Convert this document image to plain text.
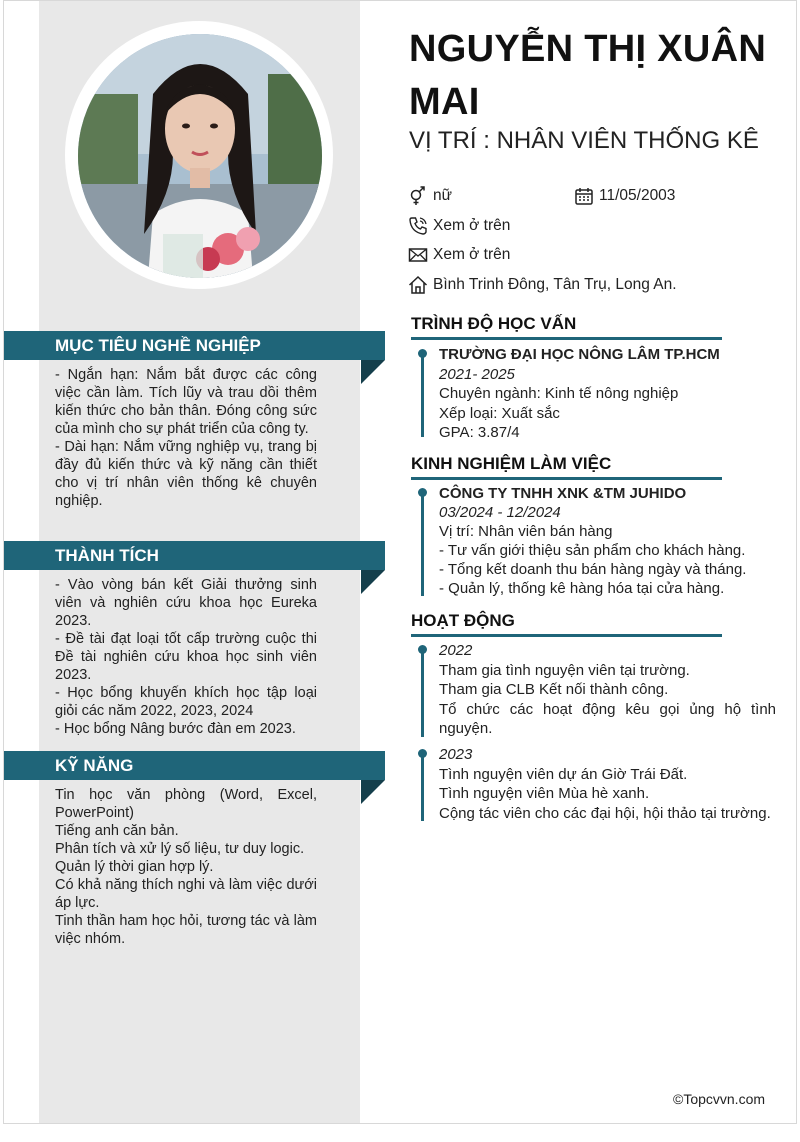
MỤC TIÊU NGHỀ NGHIỆP

- Ngắn hạn: Nắm bắt được các công việc cần làm. Tích lũy và trau dồi thêm kiến thức cho bản thân. Đóng công sức của mình cho sự phát triển của công ty.

- Dài hạn: Nắm vững nghiệp vụ, trang bị đầy đủ kiến thức và kỹ năng cần thiết cho vị trí nhân viên thống kê chuyên nghiệp.

THÀNH TÍCH

- Vào vòng bán kết Giải thưởng sinh viên và nghiên cứu khoa học Eureka 2023.

- Đề tài đạt loại tốt cấp trường cuộc thi Đề tài nghiên cứu khoa học sinh viên 2023.

- Học bổng khuyến khích học tập loại giỏi các năm 2022, 2023, 2024

- Học bổng Nâng bước đàn em 2023.

KỸ NĂNG

Tin học văn phòng (Word, Excel, PowerPoint)

Tiếng anh căn bản.

Phân tích và xử lý số liệu, tư duy logic.

Quản lý thời gian hợp lý.

Có khả năng thích nghi và làm việc dưới áp lực.

Tinh thần ham học hỏi, tương tác và làm việc nhóm.

NGUYỄN THỊ XUÂN MAI
VỊ TRÍ : NHÂN VIÊN THỐNG KÊ
nữ	11/05/2003
Xem ở trên
Xem ở trên
Bình Trinh Đông, Tân Trụ, Long An.
TRÌNH ĐỘ HỌC VẤN

TRƯỜNG ĐẠI HỌC NÔNG LÂM TP.HCM

2021- 2025

Chuyên ngành: Kinh tế nông nghiệp

Xếp loại: Xuất sắc

GPA: 3.87/4

KINH NGHIỆM LÀM VIỆC

CÔNG TY TNHH XNK &TM JUHIDO

03/2024 - 12/2024

Vị trí: Nhân viên bán hàng

- Tư vấn giới thiệu sản phẩm cho khách hàng.

- Tổng kết doanh thu bán hàng ngày và tháng.

- Quản lý, thống kê hàng hóa tại cửa hàng.

HOẠT ĐỘNG

2022

Tham gia tình nguyện viên tại trường.

Tham gia CLB Kết nối thành công.

Tổ chức các hoạt động kêu gọi ủng hộ tình nguyện.

2023

Tình nguyện viên dự án Giờ Trái Đất.

Tình nguyện viên Mùa hè xanh.

Cộng tác viên cho các đại hội, hội thảo tại trường.

©Topcvvn.com
